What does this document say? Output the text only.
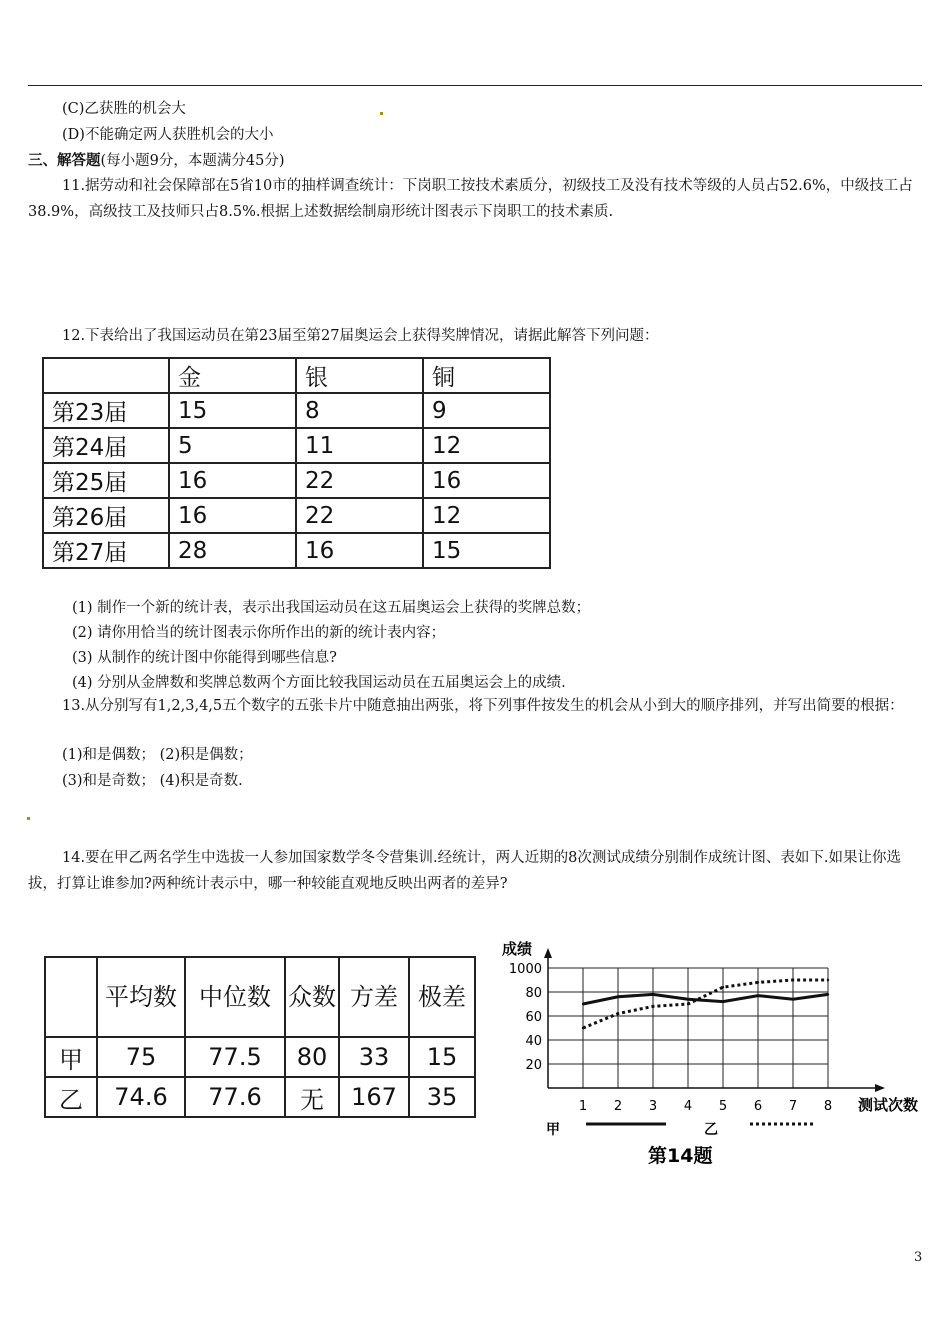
(C)乙获胜的机会大
(D)不能确定两人获胜机会的大小
三、解答题(每小题9分，本题满分45分)
11.据劳动和社会保障部在5省10市的抽样调查统计：下岗职工按技术素质分，初级技工及没有技术等级的人员占52.6%，中级技工占38.9%，高级技工及技师只占8.5%.根据上述数据绘制扇形统计图表示下岗职工的技术素质.
12.下表给出了我国运动员在第23届至第27届奥运会上获得奖牌情况，请据此解答下列问题：
	金	银	铜
第23届	15	8	9
第24届	5	11	12
第25届	16	22	16
第26届	16	22	12
第27届	28	16	15
(1) 制作一个新的统计表，表示出我国运动员在这五届奥运会上获得的奖牌总数；
(2) 请你用恰当的统计图表示你所作出的新的统计表内容；
(3) 从制作的统计图中你能得到哪些信息?
(4) 分别从金牌数和奖牌总数两个方面比较我国运动员在五届奥运会上的成绩.
13.从分别写有1,2,3,4,5五个数字的五张卡片中随意抽出两张，将下列事件按发生的机会从小到大的顺序排列，并写出简要的根据：
(1)和是偶数； (2)积是偶数；
(3)和是奇数； (4)积是奇数.
14.要在甲乙两名学生中选拔一人参加国家数学冬令营集训.经统计，两人近期的8次测试成绩分别制作成统计图、表如下.如果让你选拔，打算让谁参加?两种统计表示中，哪一种较能直观地反映出两者的差异?
	平均数	中位数	众数	方差	极差
甲	75	77.5	80	33	15
乙	74.6	77.6	无	167	35
20
40
60
80
1000
1 2 3 4 5 6 7 8
成绩
测试次数
第14题
甲	乙
3
